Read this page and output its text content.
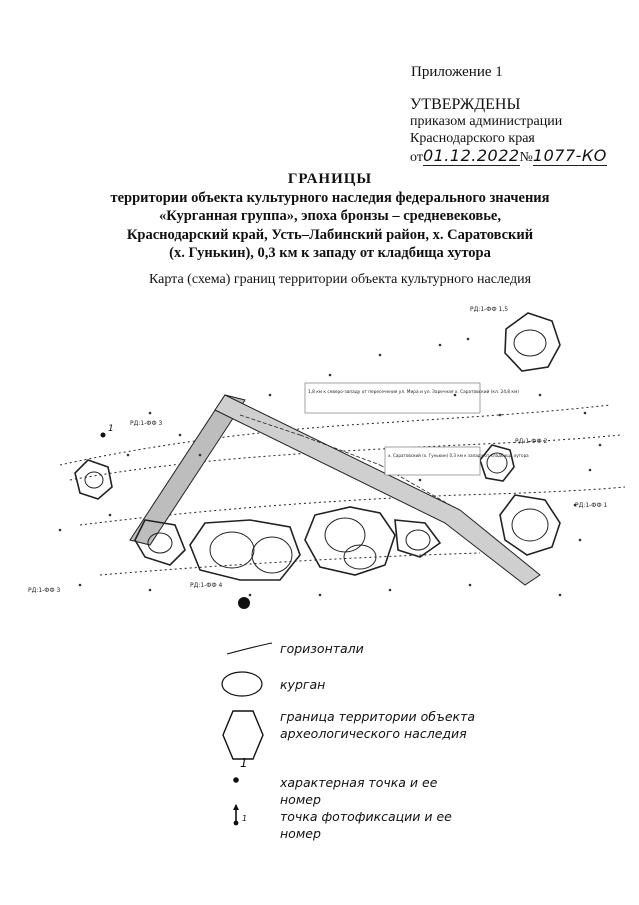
Приложение 1
УТВЕРЖДЕНЫ
приказом администрации
Краснодарского края
от01.12.2022№1077-КО
ГРАНИЦЫ
территории объекта культурного наследия федерального значения
«Курганная группа», эпоха бронзы – средневековье,
Краснодарский край, Усть–Лабинский район, х. Саратовский
(х. Гунькин), 0,3 км к западу от кладбища хутора
Карта (схема) границ территории объекта культурного наследия
1
1,8 км к северо-западу от пересечения ул. Мира и ул. Заречная х. Саратовский (кл. 24,8 км)
х. Саратовский (х. Гунькин) 0,3 км к западу от кладбища хутора
РД:1-ФФ 1,5
РД:1-ФФ 1
РД:1-ФФ 2
РД:1-ФФ 3
РД:1-ФФ 4
РД:1-ФФ 3
горизонтали
курган
граница территории объекта
археологического наследия
1
характерная точка и ее
номер
1	точка фотофиксации и ее
номер
